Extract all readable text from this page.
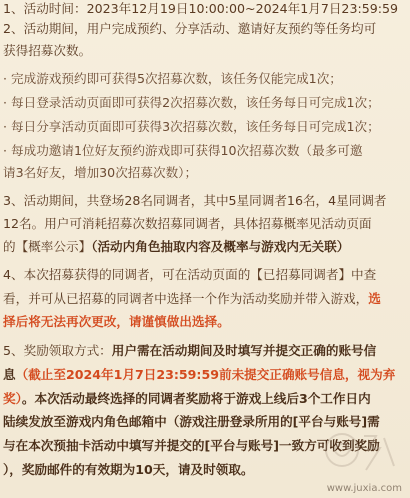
1、活动时间：2023年12月19日10:00:00~2024年1月7日23:59:59
2、活动期间，用户完成预约、分享活动、邀请好友预约等任务均可
获得招募次数。
· 完成游戏预约即可获得5次招募次数，该任务仅能完成1次；
· 每日登录活动页面即可获得2次招募次数，该任务每日可完成1次；
· 每日分享活动页面即可获得3次招募次数，该任务每日可完成1次；
· 每成功邀请1位好友预约游戏即可获得10次招募次数（最多可邀
请3名好友，增加30次招募次数）；
3、活动期间，共登场28名同调者，其中5星同调者16名，4星同调者
12名。用户可消耗招募次数招募同调者，具体招募概率见活动页面
的【概率公示】（活动内角色抽取内容及概率与游戏内无关联）
4、本次招募获得的同调者，可在活动页面的【已招募同调者】中查
看，并可从已招募的同调者中选择一个作为活动奖励并带入游戏，选
择后将无法再次更改，请谨慎做出选择。
5、奖励领取方式：用户需在活动期间及时填写并提交正确的账号信
息（截止至2024年1月7日23:59:59前未提交正确账号信息，视为弃
奖）。本次活动最终选择的同调者奖励将于游戏上线后3个工作日内
陆续发放至游戏内角色邮箱中（游戏注册登录所用的[平台与账号]需
与在本次预抽卡活动中填写并提交的[平台与账号]一致方可收到奖励
），奖励邮件的有效期为10天，请及时领取。
www.juxia.com
